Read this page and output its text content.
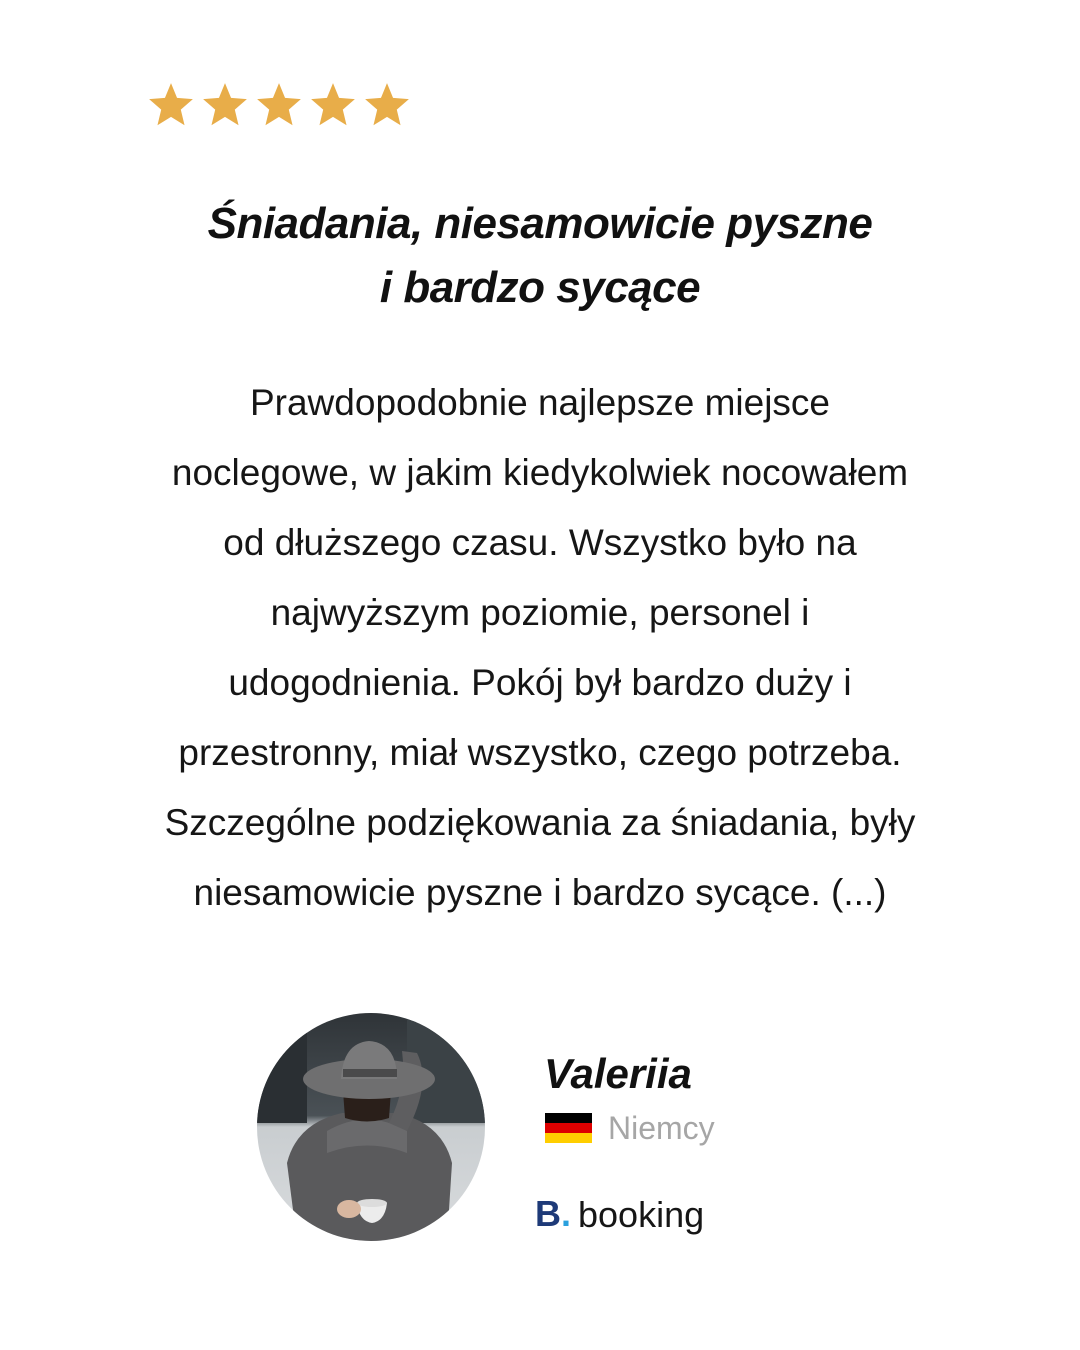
Śniadania, niesamowicie pyszne
i bardzo sycące
Prawdopodobnie najlepsze miejsce
noclegowe, w jakim kiedykolwiek nocowałem
od dłuższego czasu. Wszystko było na
najwyższym poziomie, personel i
udogodnienia. Pokój był bardzo duży i
przestronny, miał wszystko, czego potrzeba.
Szczególne podziękowania za śniadania, były
niesamowicie pyszne i bardzo sycące. (...)
Valeriia
Niemcy
B. booking
